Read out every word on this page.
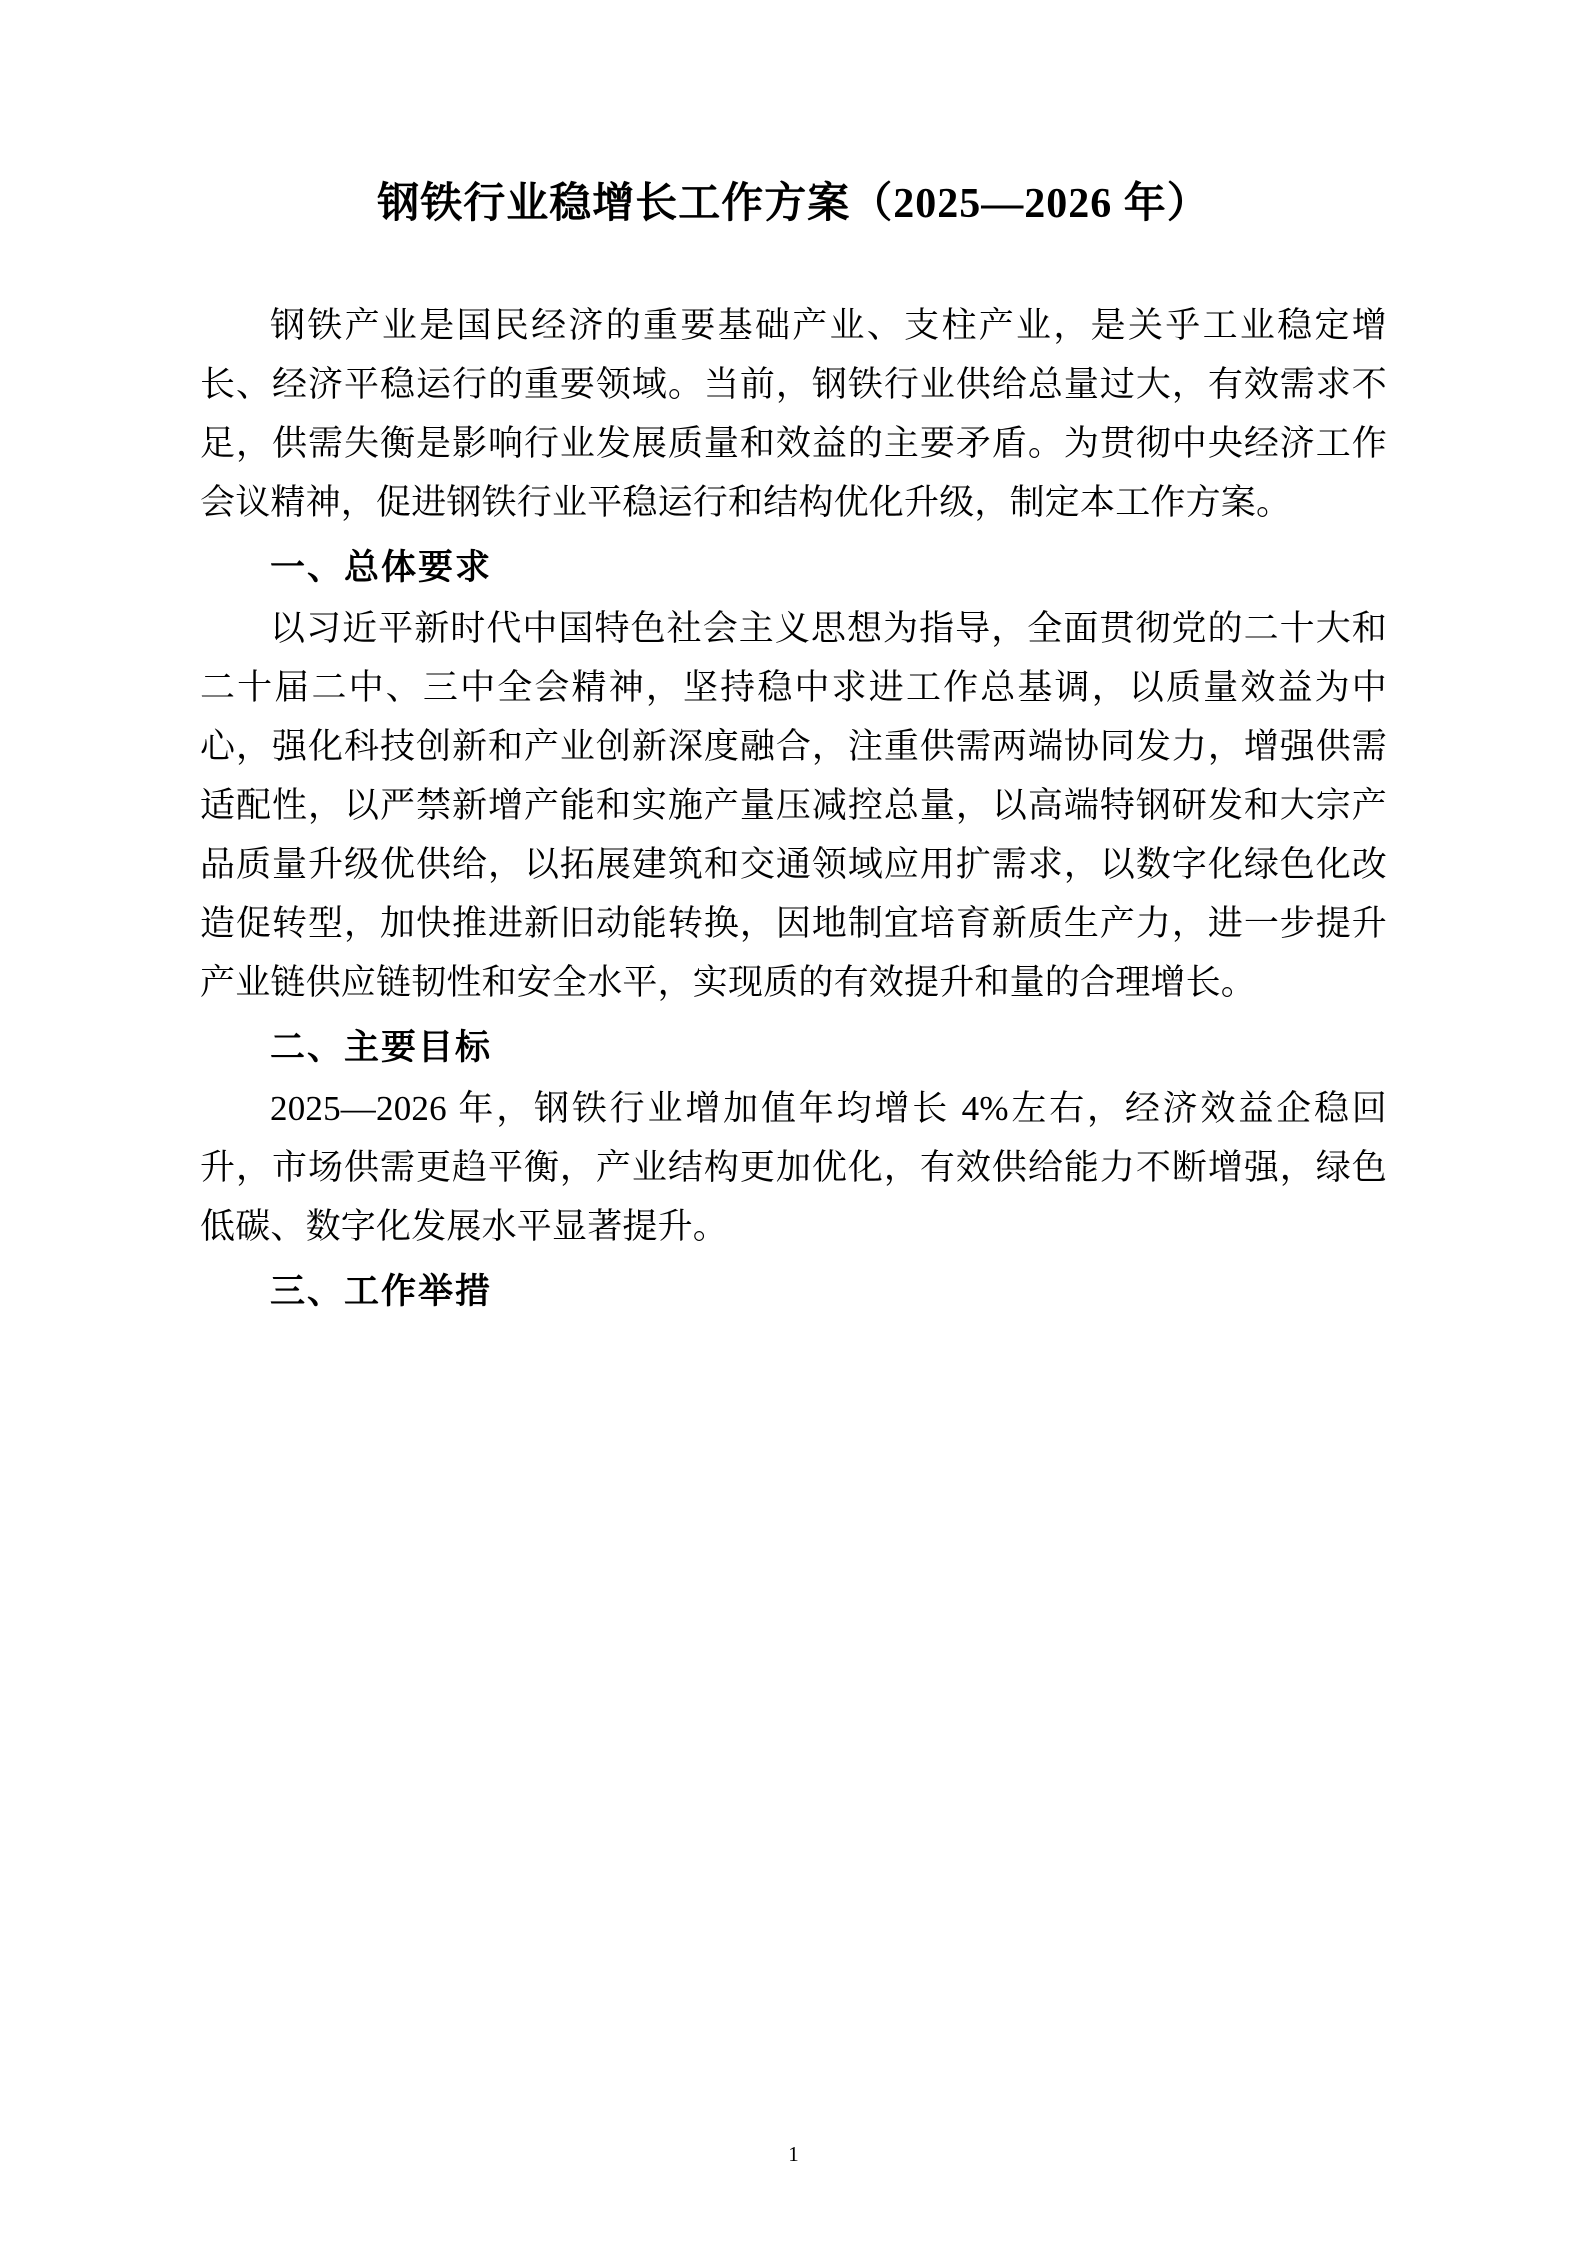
钢铁行业稳增长工作方案（2025—2026 年）

钢铁产业是国民经济的重要基础产业、支柱产业，是关乎工业稳定增长、经济平稳运行的重要领域。当前，钢铁行业供给总量过大，有效需求不足，供需失衡是影响行业发展质量和效益的主要矛盾。为贯彻中央经济工作会议精神，促进钢铁行业平稳运行和结构优化升级，制定本工作方案。

一、总体要求

以习近平新时代中国特色社会主义思想为指导，全面贯彻党的二十大和二十届二中、三中全会精神，坚持稳中求进工作总基调，以质量效益为中心，强化科技创新和产业创新深度融合，注重供需两端协同发力，增强供需适配性，以严禁新增产能和实施产量压减控总量，以高端特钢研发和大宗产品质量升级优供给，以拓展建筑和交通领域应用扩需求，以数字化绿色化改造促转型，加快推进新旧动能转换，因地制宜培育新质生产力，进一步提升产业链供应链韧性和安全水平，实现质的有效提升和量的合理增长。

二、主要目标

2025—2026 年，钢铁行业增加值年均增长 4%左右，经济效益企稳回升，市场供需更趋平衡，产业结构更加优化，有效供给能力不断增强，绿色低碳、数字化发展水平显著提升。

三、工作举措
1
